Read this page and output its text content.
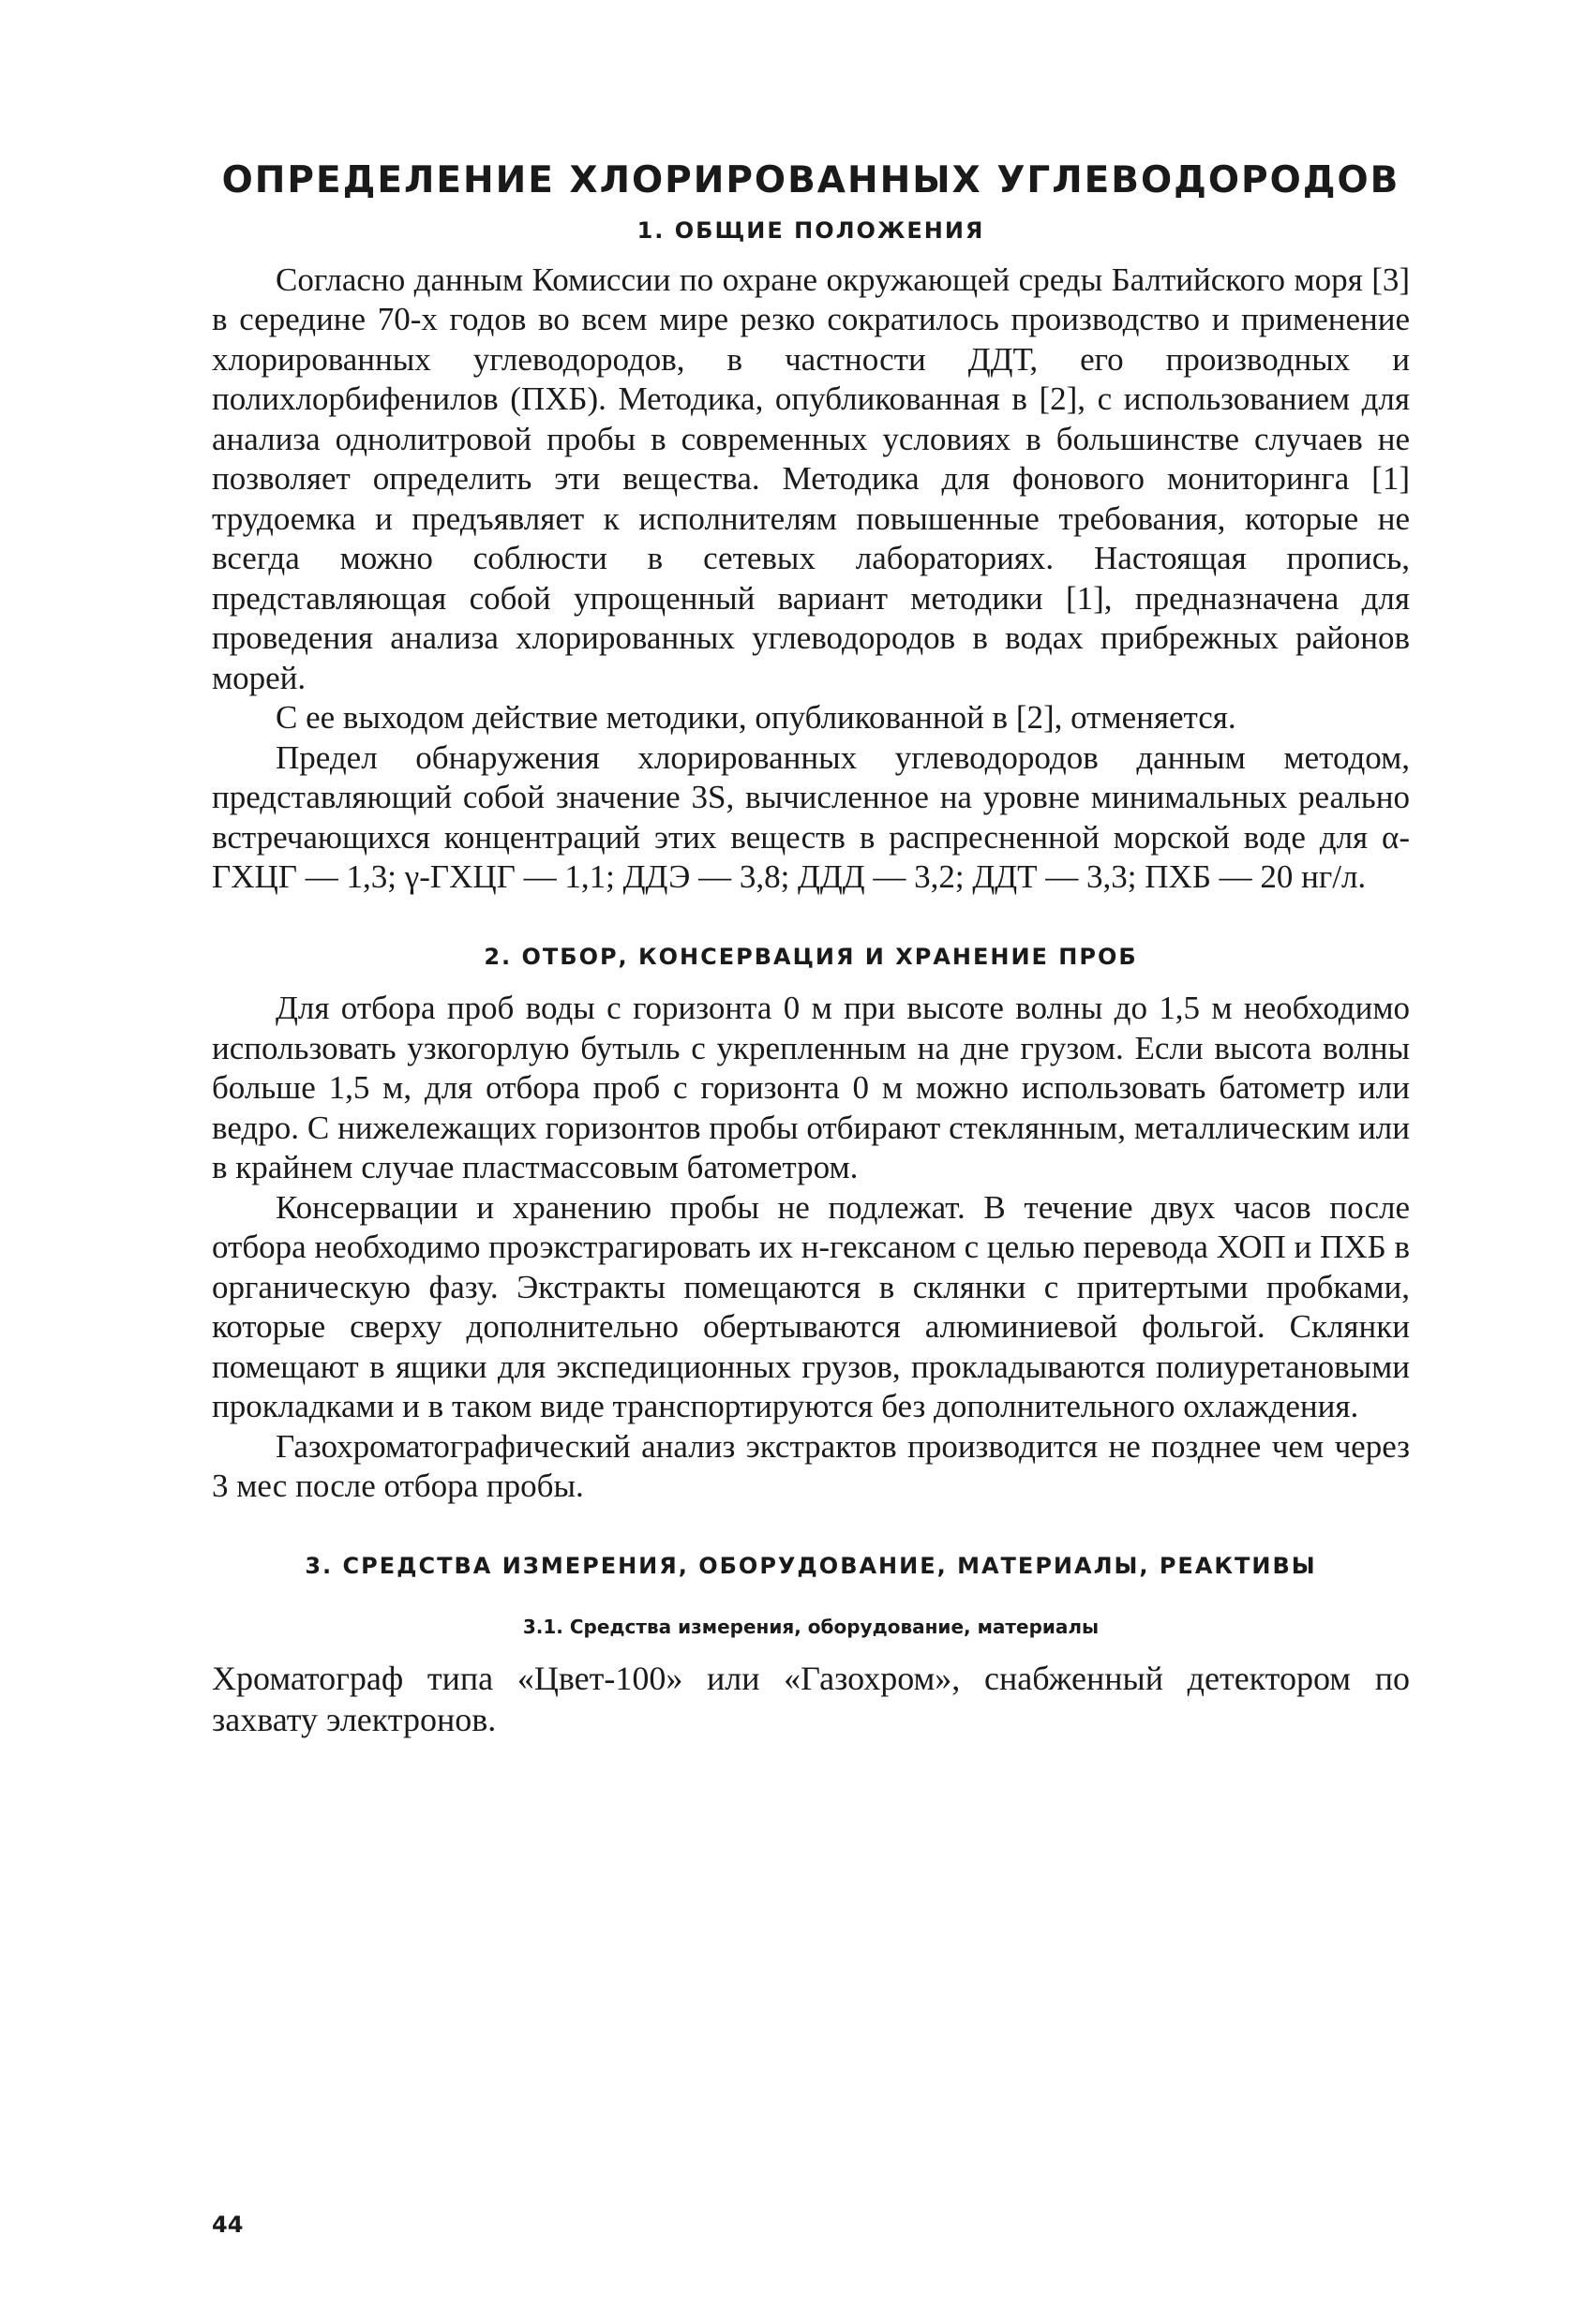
ОПРЕДЕЛЕНИЕ ХЛОРИРОВАННЫХ УГЛЕВОДОРОДОВ
1. ОБЩИЕ ПОЛОЖЕНИЯ

Согласно данным Комиссии по охране окружающей среды Балтийского моря [3] в середине 70-х годов во всем мире резко сократилось производство и применение хлорированных углеводородов, в частности ДДТ, его производных и полихлорбифенилов (ПХБ). Методика, опубликованная в [2], с использованием для анализа однолитровой пробы в современных условиях в большинстве случаев не позволяет определить эти вещества. Методика для фонового мониторинга [1] трудоемка и предъявляет к исполнителям повышенные требования, которые не всегда можно соблюсти в сетевых лабораториях. Настоящая пропись, представляющая собой упрощенный вариант методики [1], предназначена для проведения анализа хлорированных углеводородов в водах прибрежных районов морей.

С ее выходом действие методики, опубликованной в [2], отменяется.

Предел обнаружения хлорированных углеводородов данным методом, представляющий собой значение 3S, вычисленное на уровне минимальных реально встречающихся концентраций этих веществ в распресненной морской воде для α-ГХЦГ — 1,3; γ-ГХЦГ — 1,1; ДДЭ — 3,8; ДДД — 3,2; ДДТ — 3,3; ПХБ — 20 нг/л.

2. ОТБОР, КОНСЕРВАЦИЯ И ХРАНЕНИЕ ПРОБ

Для отбора проб воды с горизонта 0 м при высоте волны до 1,5 м необходимо использовать узкогорлую бутыль с укрепленным на дне грузом. Если высота волны больше 1,5 м, для отбора проб с горизонта 0 м можно использовать батометр или ведро. С нижележащих горизонтов пробы отбирают стеклянным, металлическим или в крайнем случае пластмассовым батометром.

Консервации и хранению пробы не подлежат. В течение двух часов после отбора необходимо проэкстрагировать их н-гексаном с целью перевода ХОП и ПХБ в органическую фазу. Экстракты помещаются в склянки с притертыми пробками, которые сверху дополнительно обертываются алюминиевой фольгой. Склянки помещают в ящики для экспедиционных грузов, прокладываются полиуретановыми прокладками и в таком виде транспортируются без дополнительного охлаждения.

Газохроматографический анализ экстрактов производится не позднее чем через 3 мес после отбора пробы.

3. СРЕДСТВА ИЗМЕРЕНИЯ, ОБОРУДОВАНИЕ, МАТЕРИАЛЫ, РЕАКТИВЫ
3.1. Средства измерения, оборудование, материалы

Хроматограф типа «Цвет-100» или «Газохром», снабженный детектором по захвату электронов.

44
